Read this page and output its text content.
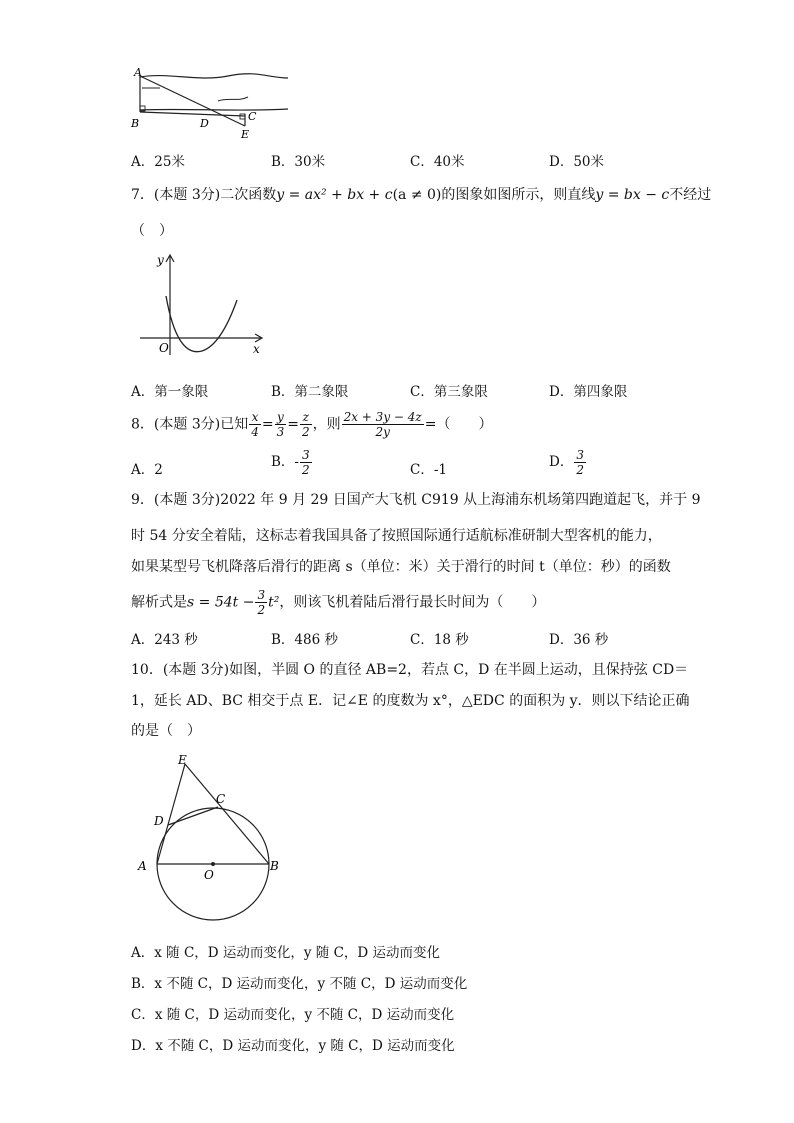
A
B	D
C
E
A．25米	B．30米	C．40米	D．50米
7．(本题 3分)二次函数y = ax² + bx + c(a ≠ 0)的图象如图所示，则直线y = bx − c不经过
（　）
y
x
O
A．第一象限	B．第二象限	C．第三象限	D．第四象限
8．(本题 3分)已知 $\frac{x}{4} = \frac{y}{3} = \frac{z}{2}$ ，则 $\frac{2x + 3y - 4z}{2y}$ =（　　）
A．2	B．- $\frac{3}{2}$	C．-1	D． $\frac{3}{2}$
9．(本题 3分)2022 年 9 月 29 日国产大飞机 C919 从上海浦东机场第四跑道起飞，并于 9
时 54 分安全着陆，这标志着我国具备了按照国际通行适航标准研制大型客机的能力，
如果某型号飞机降落后滑行的距离 s（单位：米）关于滑行的时间 t（单位：秒）的函数
解析式是$s = 54t - \frac{3}{2} t^2$，则该飞机着陆后滑行最长时间为（　　）
A．243 秒	B．486 秒	C．18 秒	D．36 秒
10．(本题 3分)如图，半圆 O 的直径 AB=2，若点 C，D 在半圆上运动，且保持弦 CD＝
1，延长 AD、BC 相交于点 E．记∠E 的度数为 x°，△EDC 的面积为 y．则以下结论正确
的是（　）
E
C
D
A	B
O
A．x 随 C，D 运动而变化，y 随 C，D 运动而变化
B．x 不随 C，D 运动而变化，y 不随 C，D 运动而变化
C．x 随 C，D 运动而变化，y 不随 C，D 运动而变化
D．x 不随 C，D 运动而变化，y 随 C，D 运动而变化
